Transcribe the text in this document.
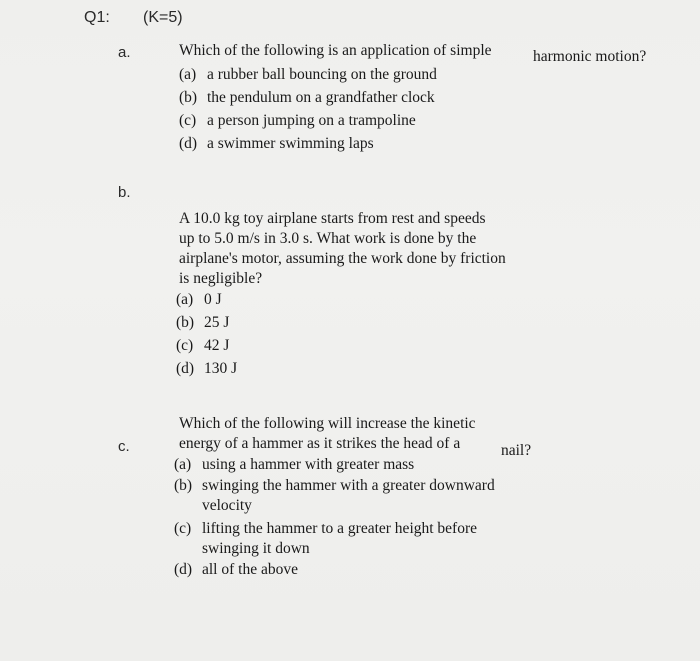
Q1: (K=5)
a.	Which of the following is an application of simple	harmonic motion?
(a) a rubber ball bouncing on the ground
(b) the pendulum on a grandfather clock
(c) a person jumping on a trampoline
(d) a swimmer swimming laps
b.
A 10.0 kg toy airplane starts from rest and speeds
up to 5.0 m/s in 3.0 s. What work is done by the
airplane's motor, assuming the work done by friction
is negligible?
(a) 0 J
(b) 25 J
(c) 42 J
(d) 130 J
Which of the following will increase the kinetic
c.	energy of a hammer as it strikes the head of a	nail?
(a) using a hammer with greater mass
(b) swinging the hammer with a greater downward
velocity
(c) lifting the hammer to a greater height before
swinging it down
(d) all of the above
